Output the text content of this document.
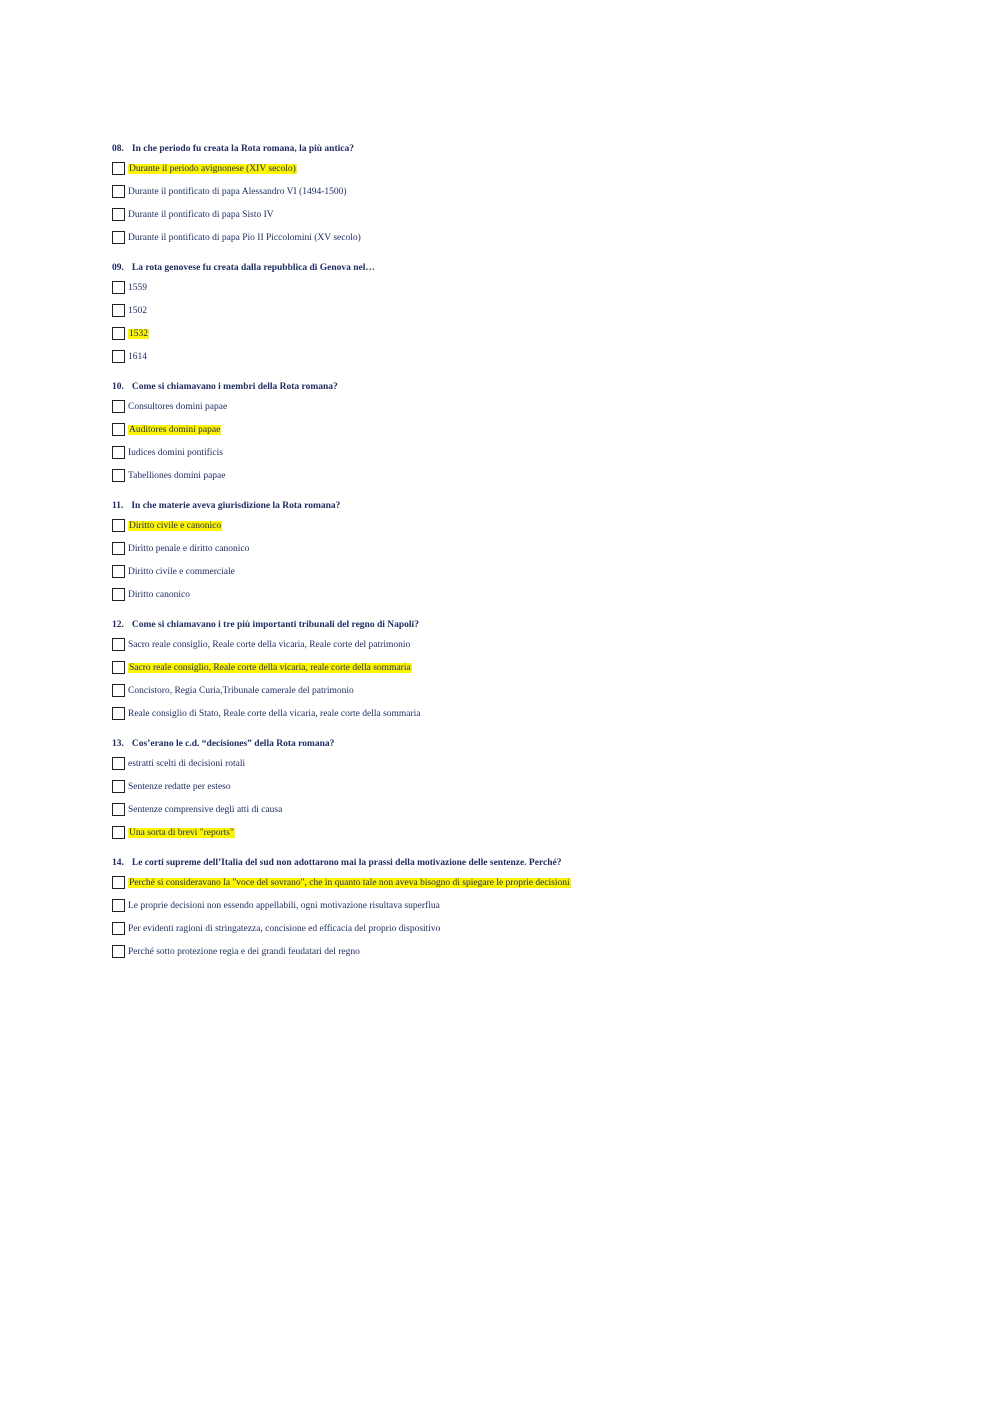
08. In che periodo fu creata la Rota romana, la più antica?

Durante il periodo avignonese (XIV secolo)
Durante il pontificato di papa Alessandro VI (1494-1500)
Durante il pontificato di papa Sisto IV
Durante il pontificato di papa Pio II Piccolomini (XV secolo)

09. La rota genovese fu creata dalla repubblica di Genova nel…

1559
1502
1532
1614

10. Come si chiamavano i membri della Rota romana?

Consultores domini papae
Auditores domini papae
Iudices domini pontificis
Tabelliones domini papae

11. In che materie aveva giurisdizione la Rota romana?

Diritto civile e canonico
Diritto penale e diritto canonico
Diritto civile e commerciale
Diritto canonico

12. Come si chiamavano i tre più importanti tribunali del regno di Napoli?

Sacro reale consiglio, Reale corte della vicaria, Reale corte del patrimonio
Sacro reale consiglio, Reale corte della vicaria, reale corte della sommaria
Concistoro, Regia Curia,Tribunale camerale del patrimonio
Reale consiglio di Stato, Reale corte della vicaria, reale corte della sommaria

13. Cos’erano le c.d. “decisiones” della Rota romana?

estratti scelti di decisioni rotali
Sentenze redatte per esteso
Sentenze comprensive degli atti di causa
Una sorta di brevi "reports"

14. Le corti supreme dell’Italia del sud non adottarono mai la prassi della motivazione delle sentenze. Perché?

Perché si consideravano la "voce del sovrano", che in quanto tale non aveva bisogno di spiegare le proprie decisioni
Le proprie decisioni non essendo appellabili, ogni motivazione risultava superflua
Per evidenti ragioni di stringatezza, concisione ed efficacia del proprio dispositivo
Perché sotto protezione regia e dei grandi feudatari del regno
